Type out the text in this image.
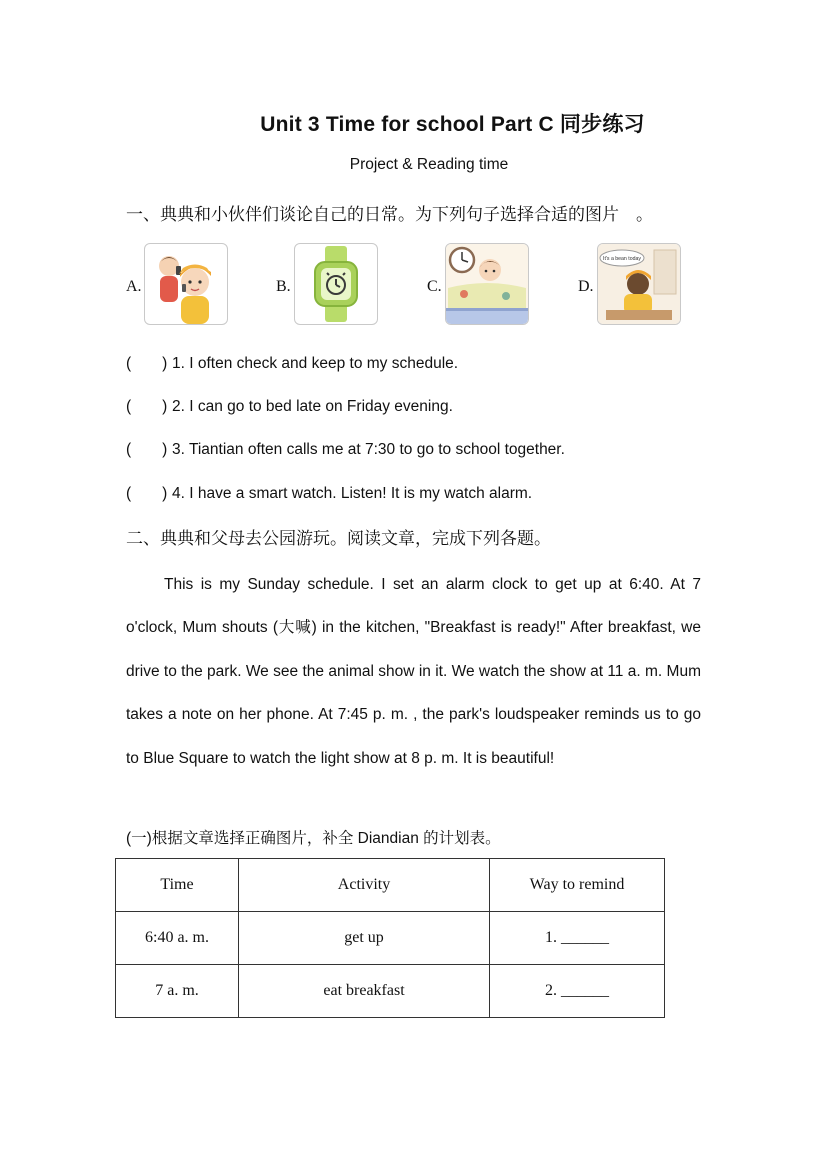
Unit 3 Time for school Part C 同步练习
Project & Reading time
一、典典和小伙伴们谈论自己的日常。为下列句子选择合适的图片　。
A.	B.	C.	D.
It's a bean today
(　　) 1. I often check and keep to my schedule.
(　　) 2. I can go to bed late on Friday evening.
(　　) 3. Tiantian often calls me at 7:30 to go to school together.
(　　) 4. I have a smart watch. Listen! It is my watch alarm.
二、典典和父母去公园游玩。阅读文章，完成下列各题。
This is my Sunday schedule. I set an alarm clock to get up at 6:40. At 7 o'clock, Mum shouts (大喊) in the kitchen, "Breakfast is ready!" After breakfast, we drive to the park. We see the animal show in it. We watch the show at 11 a. m. Mum takes a note on her phone. At 7:45 p. m. , the park's loudspeaker reminds us to go to Blue Square to watch the light show at 8 p. m. It is beautiful!
(一)根据文章选择正确图片，补全 Diandian 的计划表。
Time	Activity	Way to remind
6:40 a. m.	get up	1. ______
7 a. m.	eat breakfast	2. ______
